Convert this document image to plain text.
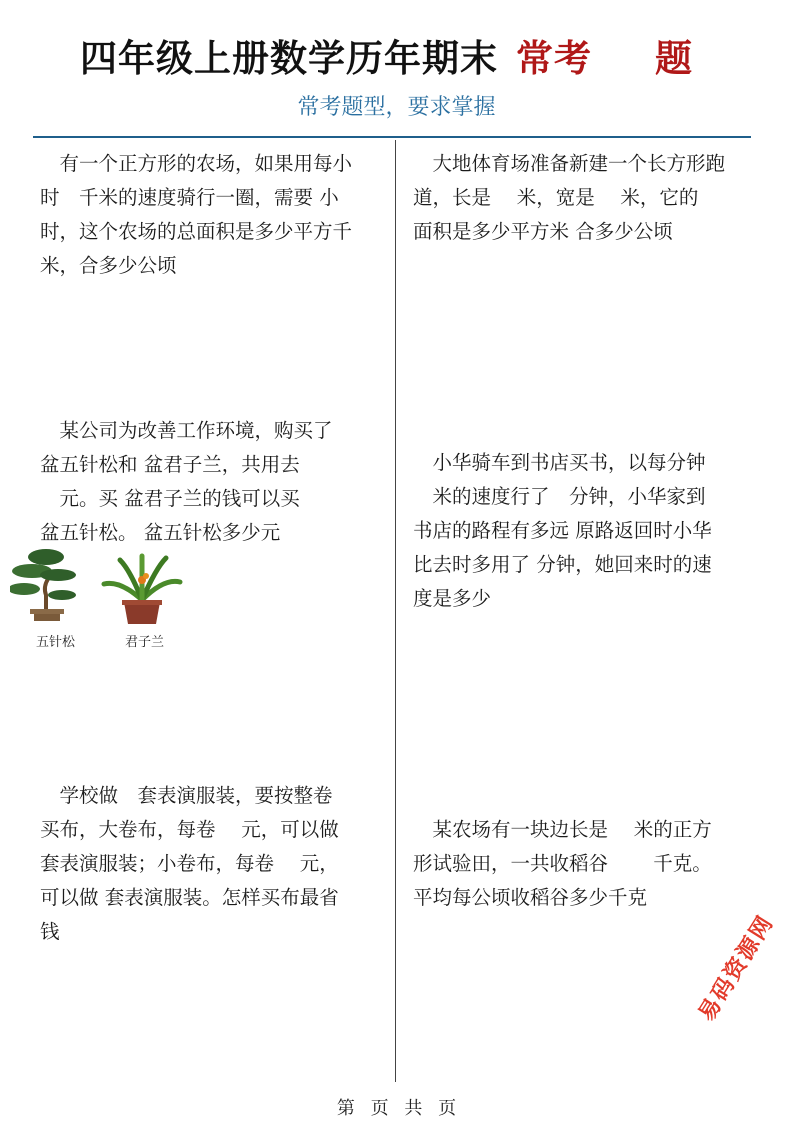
四年级上册数学历年期末 常考 题
常考题型，要求掌握
　有一个正方形的农场，如果用每小
时　千米的速度骑行一圈，需要 小
时，这个农场的总面积是多少平方千
米，合多少公顷
　大地体育场准备新建一个长方形跑
道，长是　 米，宽是　 米，它的
面积是多少平方米 合多少公顷
　某公司为改善工作环境，购买了
盆五针松和 盆君子兰，共用去
　元。买 盆君子兰的钱可以买
盆五针松。 盆五针松多少元
五针松	君子兰
　小华骑车到书店买书，以每分钟
　米的速度行了　分钟，小华家到
书店的路程有多远 原路返回时小华
比去时多用了 分钟，她回来时的速
度是多少
　学校做　套表演服装，要按整卷
买布，大卷布，每卷　 元，可以做
套表演服装；小卷布，每卷　 元，
可以做 套表演服装。怎样买布最省
钱
　某农场有一块边长是　 米的正方
形试验田，一共收稻谷　 　千克。
平均每公顷收稻谷多少千克
易码资源网
第 页 共 页
